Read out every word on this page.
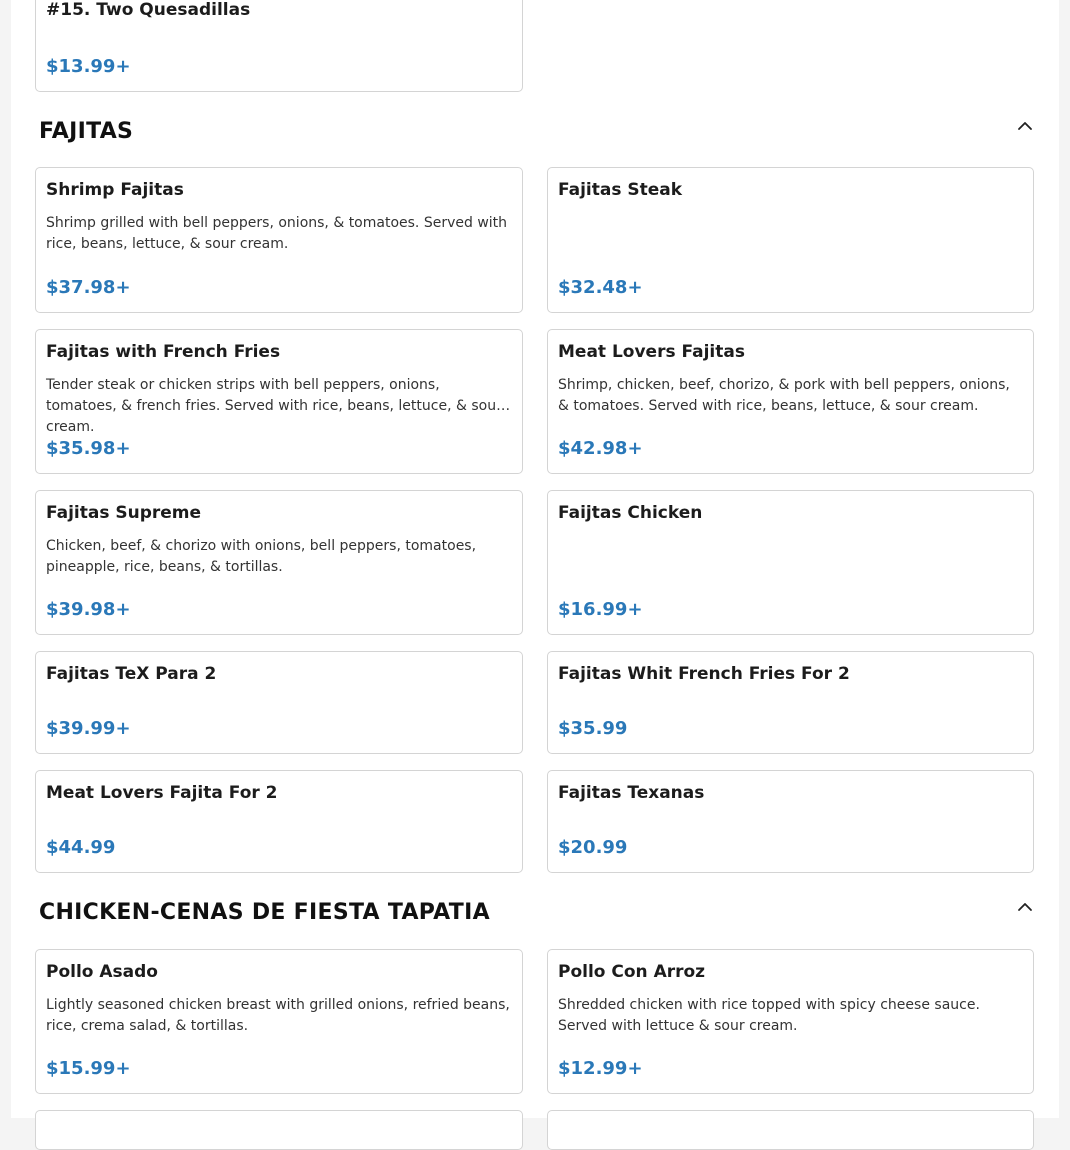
#15. Two Quesadillas
$13.99+
FAJITAS
Shrimp Fajitas
Shrimp grilled with bell peppers, onions, & tomatoes. Served with rice, beans, lettuce, & sour cream.
$37.98+
Fajitas Steak
$32.48+
Fajitas with French Fries
Tender steak or chicken strips with bell peppers, onions, tomatoes, & french fries. Served with rice, beans, lettuce, & sour cream.
$35.98+
Meat Lovers Fajitas
Shrimp, chicken, beef, chorizo, & pork with bell peppers, onions, & tomatoes. Served with rice, beans, lettuce, & sour cream.
$42.98+
Fajitas Supreme
Chicken, beef, & chorizo with onions, bell peppers, tomatoes, pineapple, rice, beans, & tortillas.
$39.98+
Faijtas Chicken
$16.99+
Fajitas TeX Para 2
$39.99+
Fajitas Whit French Fries For 2
$35.99
Meat Lovers Fajita For 2
$44.99
Fajitas Texanas
$20.99
CHICKEN-CENAS DE FIESTA TAPATIA
Pollo Asado
Lightly seasoned chicken breast with grilled onions, refried beans, rice, crema salad, & tortillas.
$15.99+
Pollo Con Arroz
Shredded chicken with rice topped with spicy cheese sauce. Served with lettuce & sour cream.
$12.99+
